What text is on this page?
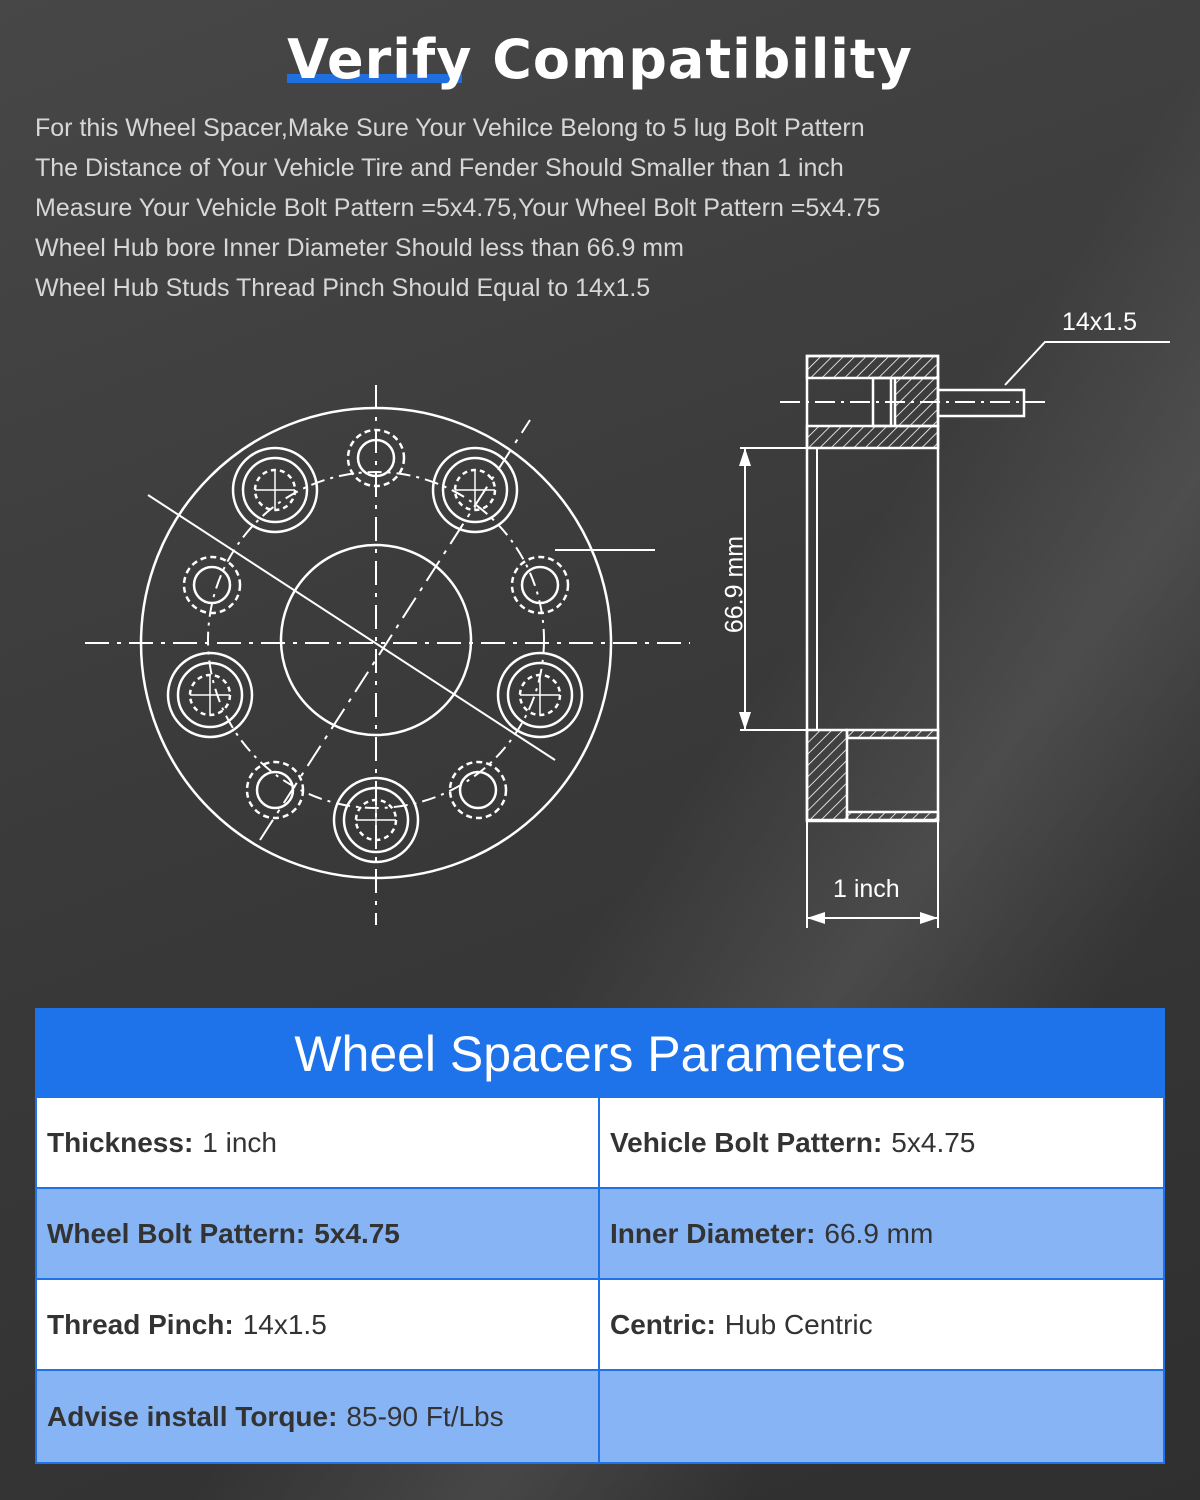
Verify Compatibility
For this Wheel Spacer,Make Sure Your Vehilce Belong to 5 lug Bolt Pattern
The Distance of Your Vehicle Tire and Fender Should Smaller than 1 inch
Measure Your Vehicle Bolt Pattern =5x4.75,Your Wheel Bolt Pattern =5x4.75
Wheel Hub bore Inner Diameter Should less than 66.9 mm
Wheel Hub Studs Thread Pinch Should Equal to 14x1.5
14x1.5
66.9 mm
1 inch
Wheel Spacers Parameters
Thickness: 1 inch	Vehicle Bolt Pattern: 5x4.75
Wheel Bolt Pattern: 5x4.75	Inner Diameter: 66.9 mm
Thread Pinch: 14x1.5	Centric: Hub Centric
Advise install Torque: 85-90 Ft/Lbs
